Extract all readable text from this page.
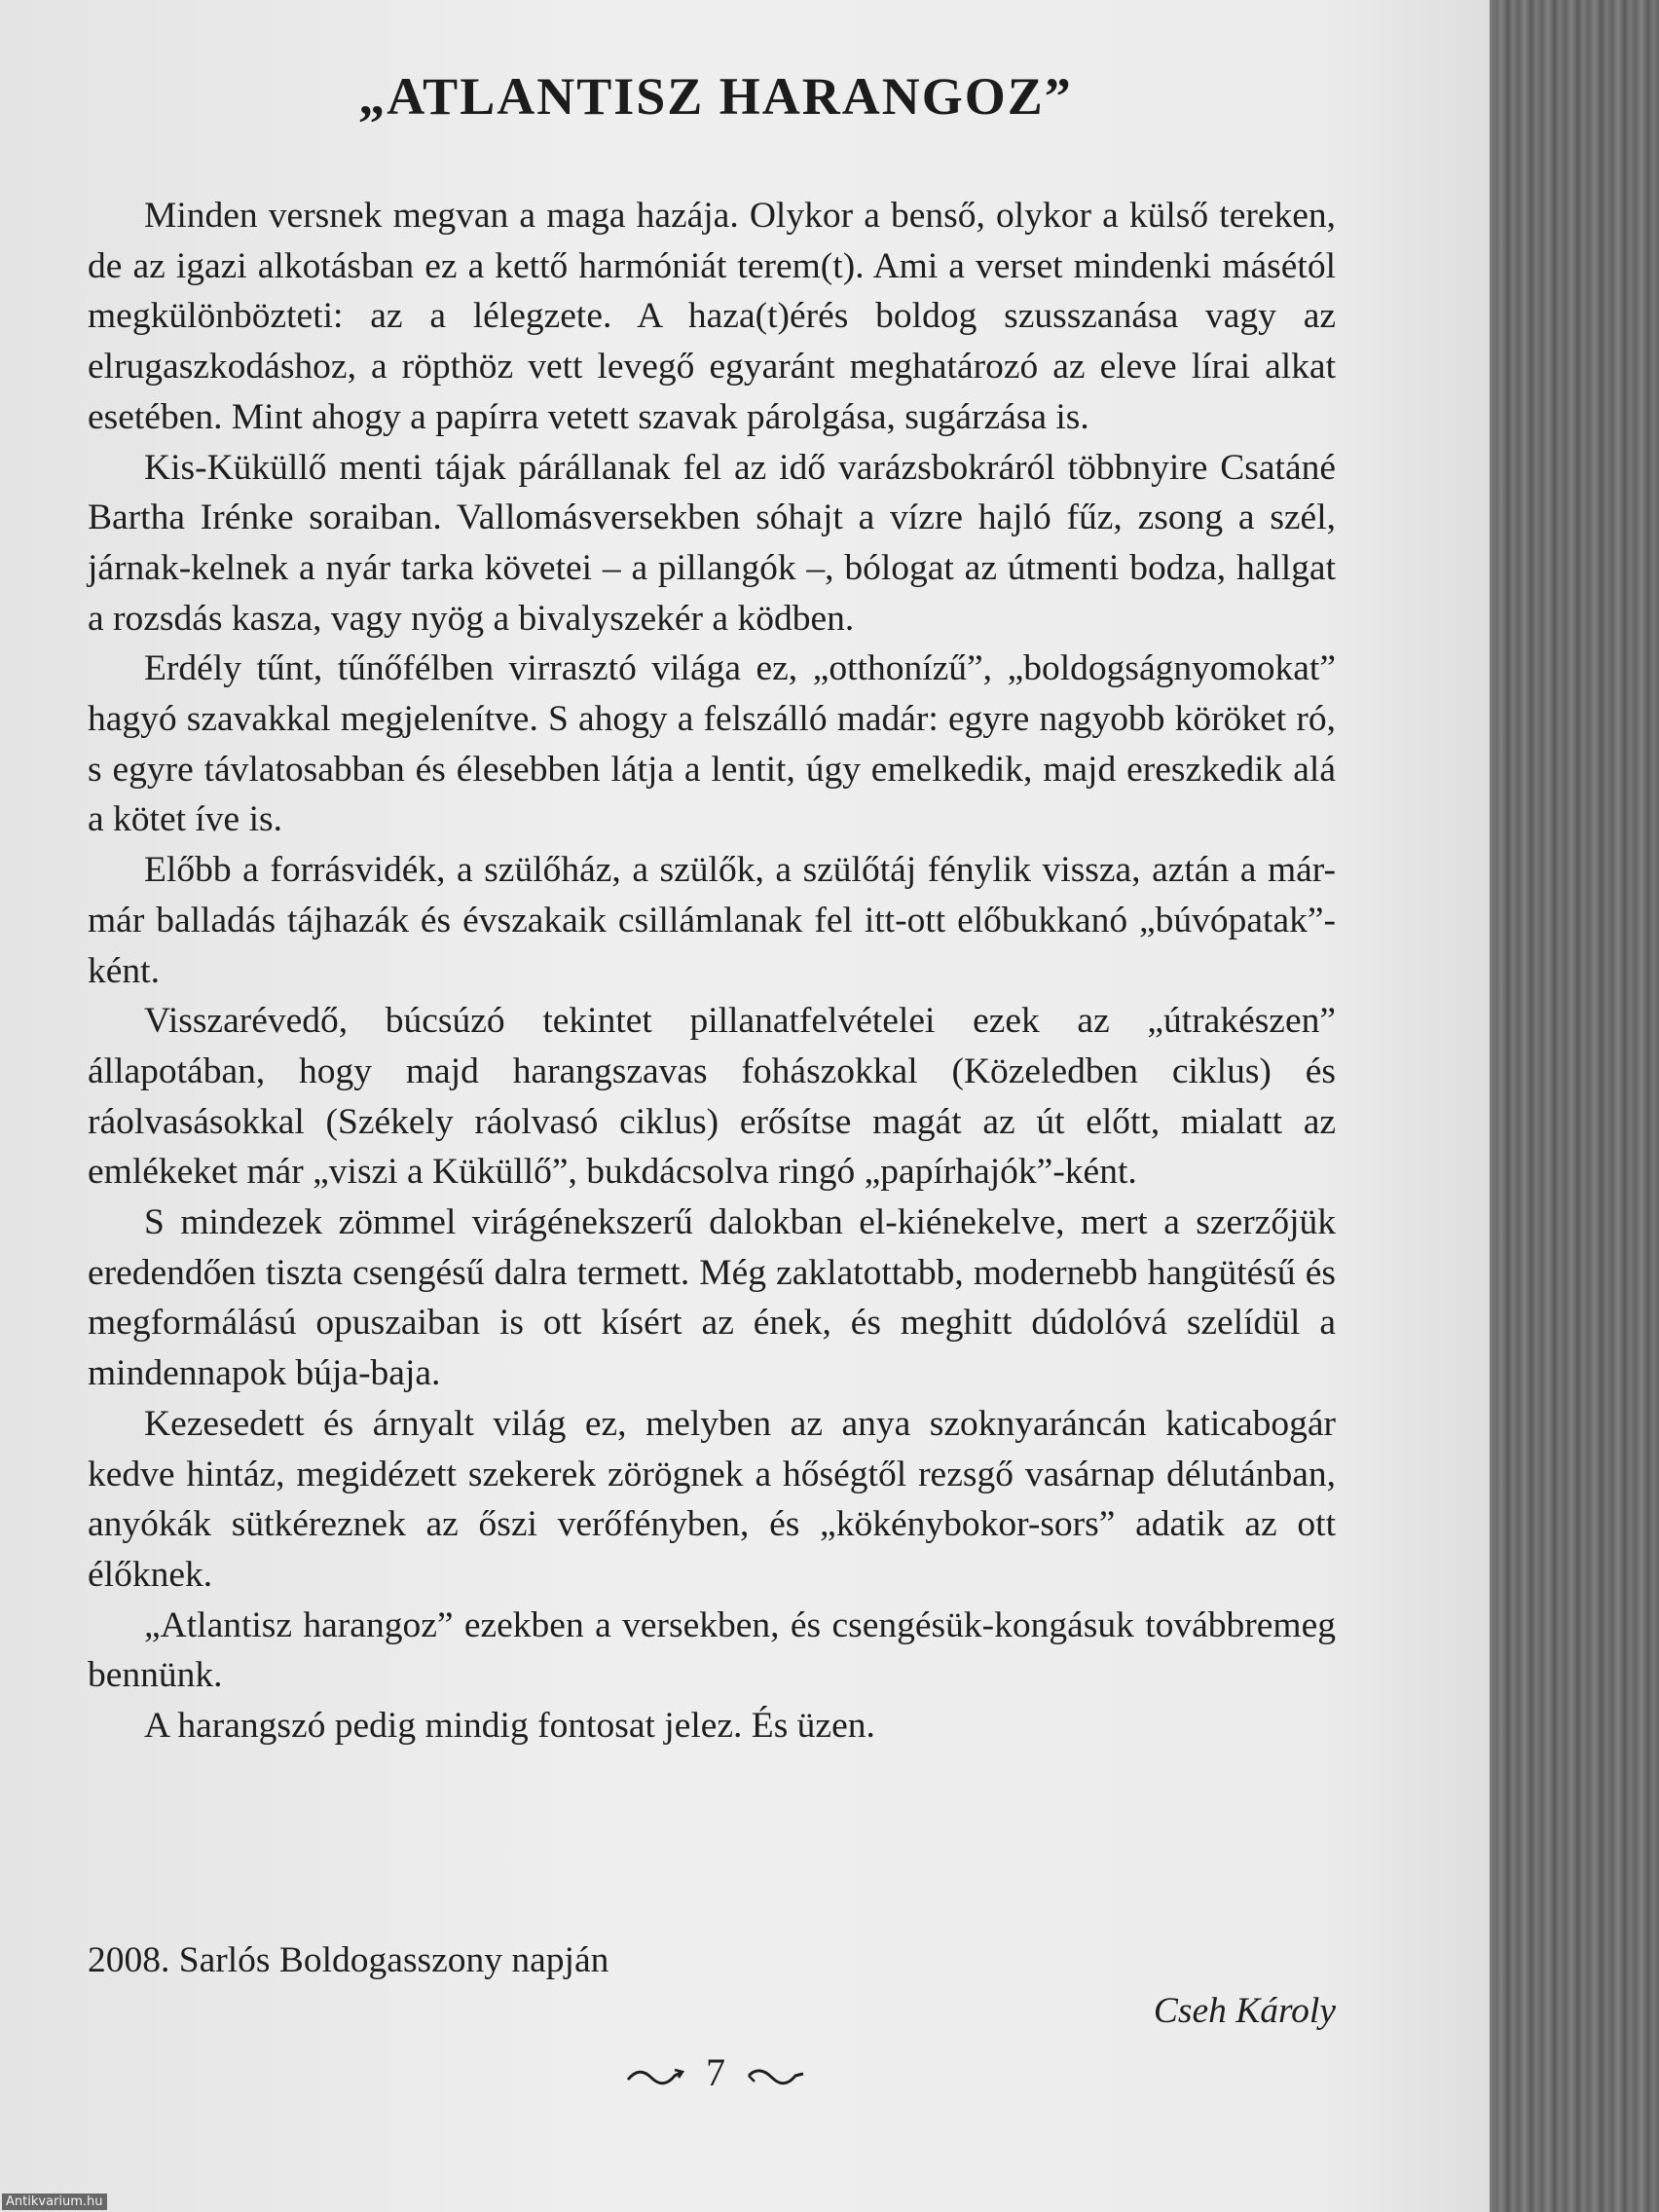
„ATLANTISZ HARANGOZ”

Minden versnek megvan a maga hazája. Olykor a benső, olykor a külső tereken, de az igazi alkotásban ez a kettő harmóniát terem(t). Ami a verset mindenki másétól megkülönbözteti: az a lélegzete. A haza(t)érés boldog szusszanása vagy az elrugaszkodáshoz, a röpthöz vett levegő egyaránt meghatározó az eleve lírai alkat esetében. Mint ahogy a papírra vetett szavak párolgása, sugárzása is.

Kis-Küküllő menti tájak párállanak fel az idő varázsbokráról többnyire Csatáné Bartha Irénke soraiban. Vallomásversekben sóhajt a vízre hajló fűz, zsong a szél, járnak-kelnek a nyár tarka követei – a pillangók –, bólogat az útmenti bodza, hallgat a rozsdás kasza, vagy nyög a bivalyszekér a ködben.

Erdély tűnt, tűnőfélben virrasztó világa ez, „otthonízű”, „boldogságnyomokat” hagyó szavakkal megjelenítve. S ahogy a felszálló madár: egyre nagyobb köröket ró, s egyre távlatosabban és élesebben látja a lentit, úgy emelkedik, majd ereszkedik alá a kötet íve is.

Előbb a forrásvidék, a szülőház, a szülők, a szülőtáj fénylik vissza, aztán a már-már balladás tájhazák és évszakaik csillámlanak fel itt-ott előbukkanó „búvópatak”-ként.

Visszarévedő, búcsúzó tekintet pillanatfelvételei ezek az „útrakészen” állapotában, hogy majd harangszavas fohászokkal (Közeledben ciklus) és ráolvasásokkal (Székely ráolvasó ciklus) erősítse magát az út előtt, mialatt az emlékeket már „viszi a Küküllő”, bukdácsolva ringó „papírhajók”-ként.

S mindezek zömmel virágénekszerű dalokban el-kiénekelve, mert a szerzőjük eredendően tiszta csengésű dalra termett. Még zaklatottabb, modernebb hangütésű és megformálású opuszaiban is ott kísért az ének, és meghitt dúdolóvá szelídül a mindennapok búja-baja.

Kezesedett és árnyalt világ ez, melyben az anya szoknyaráncán katicabogár kedve hintáz, megidézett szekerek zörögnek a hőségtől rezsgő vasárnap délutánban, anyókák sütkéreznek az őszi verőfényben, és „kökénybokor-sors” adatik az ott élőknek.

„Atlantisz harangoz” ezekben a versekben, és csengésük-kongásuk továbbremeg bennünk.

A harangszó pedig mindig fontosat jelez. És üzen.

2008. Sarlós Boldogasszony napján

Cseh Károly

7
Antikvarium.hu
